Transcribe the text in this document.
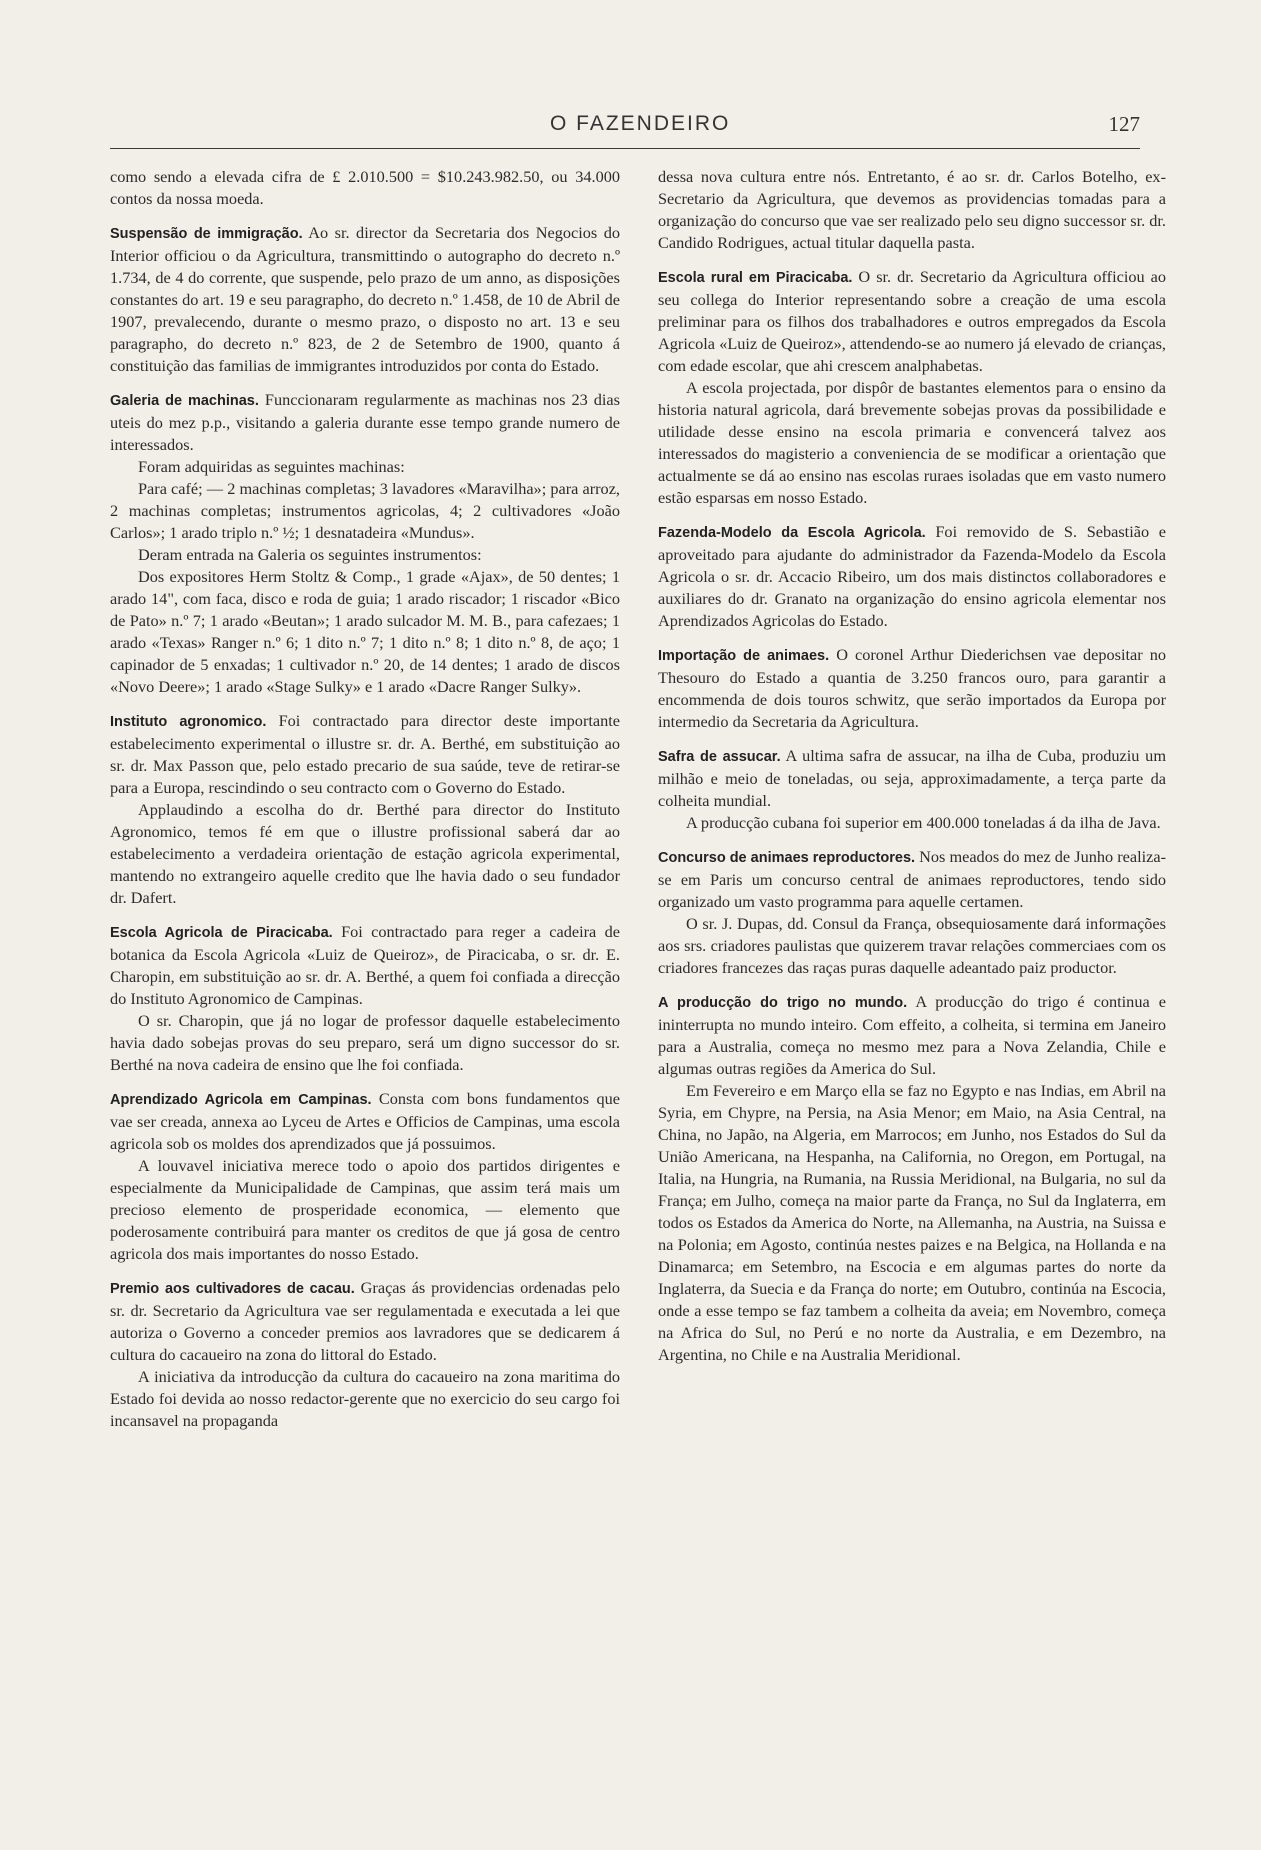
O FAZENDEIRO	127

como sendo a elevada cifra de £ 2.010.500 = $10.243.982.50, ou 34.000 contos da nossa moeda.

Suspensão de immigração. Ao sr. director da Secretaria dos Negocios do Interior officiou o da Agricultura, transmittindo o autographo do decreto n.º 1.734, de 4 do corrente, que suspende, pelo prazo de um anno, as disposições constantes do art. 19 e seu paragrapho, do decreto n.º 1.458, de 10 de Abril de 1907, prevalecendo, durante o mesmo prazo, o disposto no art. 13 e seu paragrapho, do decreto n.º 823, de 2 de Setembro de 1900, quanto á constituição das familias de immigrantes introduzidos por conta do Estado.

Galeria de machinas. Funccionaram regularmente as machinas nos 23 dias uteis do mez p.p., visitando a galeria durante esse tempo grande numero de interessados.

Foram adquiridas as seguintes machinas:

Para café; — 2 machinas completas; 3 lavadores «Maravilha»; para arroz, 2 machinas completas; instrumentos agricolas, 4; 2 cultivadores «João Carlos»; 1 arado triplo n.º ½; 1 desnatadeira «Mundus».

Deram entrada na Galeria os seguintes instrumentos:

Dos expositores Herm Stoltz & Comp., 1 grade «Ajax», de 50 dentes; 1 arado 14", com faca, disco e roda de guia; 1 arado riscador; 1 riscador «Bico de Pato» n.º 7; 1 arado «Beutan»; 1 arado sulcador M. M. B., para cafezaes; 1 arado «Texas» Ranger n.º 6; 1 dito n.º 7; 1 dito n.º 8; 1 dito n.º 8, de aço; 1 capinador de 5 enxadas; 1 cultivador n.º 20, de 14 dentes; 1 arado de discos «Novo Deere»; 1 arado «Stage Sulky» e 1 arado «Dacre Ranger Sulky».

Instituto agronomico. Foi contractado para director deste importante estabelecimento experimental o illustre sr. dr. A. Berthé, em substituição ao sr. dr. Max Passon que, pelo estado precario de sua saúde, teve de retirar-se para a Europa, rescindindo o seu contracto com o Governo do Estado.

Applaudindo a escolha do dr. Berthé para director do Instituto Agronomico, temos fé em que o illustre profissional saberá dar ao estabelecimento a verdadeira orientação de estação agricola experimental, mantendo no extrangeiro aquelle credito que lhe havia dado o seu fundador dr. Dafert.

Escola Agricola de Piracicaba. Foi contractado para reger a cadeira de botanica da Escola Agricola «Luiz de Queiroz», de Piracicaba, o sr. dr. E. Charopin, em substituição ao sr. dr. A. Berthé, a quem foi confiada a direcção do Instituto Agronomico de Campinas.

O sr. Charopin, que já no logar de professor daquelle estabelecimento havia dado sobejas provas do seu preparo, será um digno successor do sr. Berthé na nova cadeira de ensino que lhe foi confiada.

Aprendizado Agricola em Campinas. Consta com bons fundamentos que vae ser creada, annexa ao Lyceu de Artes e Officios de Campinas, uma escola agricola sob os moldes dos aprendizados que já possuimos.

A louvavel iniciativa merece todo o apoio dos partidos dirigentes e especialmente da Municipalidade de Campinas, que assim terá mais um precioso elemento de prosperidade economica, — elemento que poderosamente contribuirá para manter os creditos de que já gosa de centro agricola dos mais importantes do nosso Estado.

Premio aos cultivadores de cacau. Graças ás providencias ordenadas pelo sr. dr. Secretario da Agricultura vae ser regulamentada e executada a lei que autoriza o Governo a conceder premios aos lavradores que se dedicarem á cultura do cacaueiro na zona do littoral do Estado.

A iniciativa da introducção da cultura do cacaueiro na zona maritima do Estado foi devida ao nosso redactor-gerente que no exercicio do seu cargo foi incansavel na propaganda

dessa nova cultura entre nós. Entretanto, é ao sr. dr. Carlos Botelho, ex-Secretario da Agricultura, que devemos as providencias tomadas para a organização do concurso que vae ser realizado pelo seu digno successor sr. dr. Candido Rodrigues, actual titular daquella pasta.

Escola rural em Piracicaba. O sr. dr. Secretario da Agricultura officiou ao seu collega do Interior representando sobre a creação de uma escola preliminar para os filhos dos trabalhadores e outros empregados da Escola Agricola «Luiz de Queiroz», attendendo-se ao numero já elevado de crianças, com edade escolar, que ahi crescem analphabetas.

A escola projectada, por dispôr de bastantes elementos para o ensino da historia natural agricola, dará brevemente sobejas provas da possibilidade e utilidade desse ensino na escola primaria e convencerá talvez aos interessados do magisterio a conveniencia de se modificar a orientação que actualmente se dá ao ensino nas escolas ruraes isoladas que em vasto numero estão esparsas em nosso Estado.

Fazenda-Modelo da Escola Agricola. Foi removido de S. Sebastião e aproveitado para ajudante do administrador da Fazenda-Modelo da Escola Agricola o sr. dr. Accacio Ribeiro, um dos mais distinctos collaboradores e auxiliares do dr. Granato na organização do ensino agricola elementar nos Aprendizados Agricolas do Estado.

Importação de animaes. O coronel Arthur Diederichsen vae depositar no Thesouro do Estado a quantia de 3.250 francos ouro, para garantir a encommenda de dois touros schwitz, que serão importados da Europa por intermedio da Secretaria da Agricultura.

Safra de assucar. A ultima safra de assucar, na ilha de Cuba, produziu um milhão e meio de toneladas, ou seja, approximadamente, a terça parte da colheita mundial.

A producção cubana foi superior em 400.000 toneladas á da ilha de Java.

Concurso de animaes reproductores. Nos meados do mez de Junho realiza-se em Paris um concurso central de animaes reproductores, tendo sido organizado um vasto programma para aquelle certamen.

O sr. J. Dupas, dd. Consul da França, obsequiosamente dará informações aos srs. criadores paulistas que quizerem travar relações commerciaes com os criadores francezes das raças puras daquelle adeantado paiz productor.

A producção do trigo no mundo. A producção do trigo é continua e ininterrupta no mundo inteiro. Com effeito, a colheita, si termina em Janeiro para a Australia, começa no mesmo mez para a Nova Zelandia, Chile e algumas outras regiões da America do Sul.

Em Fevereiro e em Março ella se faz no Egypto e nas Indias, em Abril na Syria, em Chypre, na Persia, na Asia Menor; em Maio, na Asia Central, na China, no Japão, na Algeria, em Marrocos; em Junho, nos Estados do Sul da União Americana, na Hespanha, na California, no Oregon, em Portugal, na Italia, na Hungria, na Rumania, na Russia Meridional, na Bulgaria, no sul da França; em Julho, começa na maior parte da França, no Sul da Inglaterra, em todos os Estados da America do Norte, na Allemanha, na Austria, na Suissa e na Polonia; em Agosto, continúa nestes paizes e na Belgica, na Hollanda e na Dinamarca; em Setembro, na Escocia e em algumas partes do norte da Inglaterra, da Suecia e da França do norte; em Outubro, continúa na Escocia, onde a esse tempo se faz tambem a colheita da aveia; em Novembro, começa na Africa do Sul, no Perú e no norte da Australia, e em Dezembro, na Argentina, no Chile e na Australia Meridional.
